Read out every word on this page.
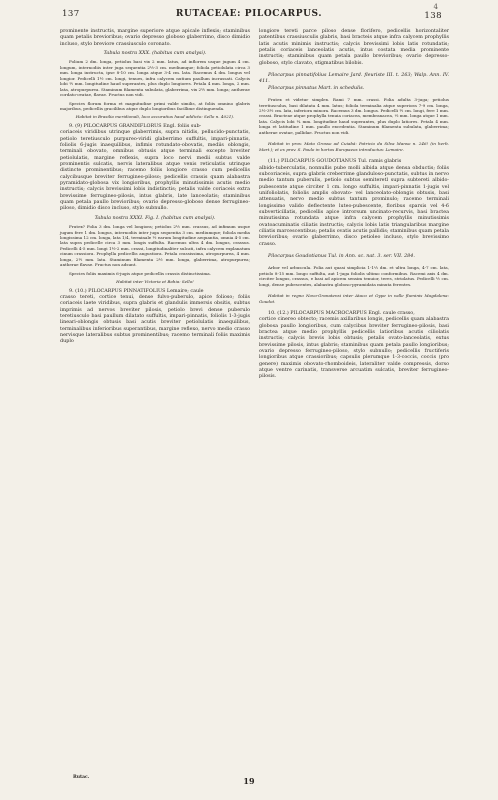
4
137	RUTACEAE: PILOCARPUS.	138

prominente instructis, margine superiore atque apicale inflexis; staminibus quam petalis brevioribus; ovario depresso globoso glaberrimo, disco dimidio incluso, stylo breviore crassiusculo coronato.

Tabula nostra XXX. (habitus cum analysi).

Folium 2 dm. longa, petiolus basi vix 2 mm. latus, ad inflorem usque jugum 4 cm. longum, internodiis inter juga sequentia 2½-3 cm. mediumque; foliola petiolulata circa 3 mm. longa instructa, ipse 8-10 cm. longa atque 3-4 cm. lata. Racemus 4 dm. longus vel longior. Pedicelli 1½ cm. longi, tenues, infra calycem nutium paullum incrassati. Calycis lobi ½ mm. longitudine haud superantes, plus duplo longiores. Petala 4 mm. longa, 2 mm. lata, atropurpurea. Staminum filamenta subulata, glaberrima, vix 2½ mm. longa; antherae cordato-ovatae, flavae. Fructus non vidi.

Species florum forma et magnitudine primi valde similis, at foliis omnino glabris majoribus, pedicellis gracilibus atque duplo longioribus facillime distinguenda.

Habitat in Brasilia meridionali, loco accuratius haud addicto: Sello n. 4021).

9. (9) PILOCARPUS GRANDIFLORUS Engl. foliis sub-

coriaceis viridibus utrinque glaberrimis, supra nitidis, pellucido-punctatis, petiolo teretiusculo purpureo-viridi glaberrimo suffultis, impari-pinnatis, foliolis 6-jugis inaequilibus, infimis rotundato-obovatis, mediis oblongis, terminali obovato, omnibus obtusis atque terminali excepto breviter petiolulatis, margine reflexis, supra loco nervi medii subtus valde prominentis sulcatis, nervis lateralibus atque venis reticulatis utrinque distincte prominentibus; racemo foliis longiore crasso cum pedicellis calycibusque breviter ferrugineo-piloso; pedicellis crassis quam alabastra pyramidato-globosa vix longioribus, prophyllis minutissimis acutis medio instructis; calycis brevissimi lobis indistinctis; petalis valde coriaceis extra brevissime ferrugineo-pilosis, intus glabris, late lanceolatis; staminibus quam petala paullo brevioribus; ovario depresso-globoso dense ferrugineo-piloso, dimidio disco incluso, stylo subnullo.

Tabula nostra XXXI. Fig. I. (habitus cum analysi).

Frutex? Folia 3 dm. longa vel longiora; petiolus 2½ mm. crassus, ad infimum usque jugum fere 1 dm. longus, internodiis inter juga sequentia 3 cm. mediumque; foliola media longissima 12 cm. longa, lata 1/4, terminale ½ earum longitudine aequantia, omnia 4-5 cm. lata supra pedicelle circa 3 mm. longis suffulta. Racemus ultra 4 dm. longus, crassus. Pedicelli 4-5 mm. longi 1½-2 mm. crassi, longitudinaliter sulcati, infra calycem explanatum cinum crassiora. Prophylla pedicellis angustiora. Petala crassissima, atropurpurea, 4 mm. longa, 2½ mm. lata. Staminum filamenta 2½ mm. longa, glaberrima, atropurpurea; antherae flavae. Fructus non adsunt.

Species foliis maximis 6-jugis atque pedicellis crassis distinctissima.

Habitat inter Victoria et Bahia: Sello!

9. (10.) PILOCARPUS PINNATIFOLIUS Lemaire; caule

crasso tereti, cortice tenui, dense fulvo-puberulo, apice folioso; foliis coriaceis laete viridibus, supra glabris et glandulis immersis obsitis, subtus imprimis ad nervos breviter pilosis, petiolo brevi dense puberulo teretiusculo basi paullum dilatato suffultis, impari-pinnatis, foliolis 1-3-jugis lineari-oblongis obtusis basi acutis breviter petiolulatis inaequilibus, terminalibus inferioribus superantibus, margine reflexo, nervo medio crasso nervisque lateralibus subtus prominentibus; racemo terminali foliis maximis duplo

longiore tereti parce piloso dense florifero, pedicellis horizontaliter patentibus crassiusculis glabris, basi bracteis atque infra calycem prophyllis latis acutis minimis instructis; calycis brevissimi lobis latis rotundatis; petalis coriaceis lanceolatis acutis, intus costata media prominente instructis; staminibus quam petala paullo brevioribus; ovario depresso-globoso, stylo clavato, stigmatibus bilobis.

Pilocarpus pinnatifolius Lemaire Jard. fleuriste III. t. 263; Walp. Ann. IV. 411.

Pilocarpus pinnatus Mart. in schedulis.

Frutex et videtur simplex. Rami 7 mm. crassi. Folia adulta 3-juga; petiolus teretiusculus, basi dilatata 4 mm. latus; foliola terminalia atque superiora 7-9 cm. longa, 2½-3½ cm. lata, inferiora minora. Racemus 3 dm. longus. Pedicelli ½ cm. longi, fere 1 mm. crassi. Bracteae atque prophylla tenuia coriacea, membranacea, ⅓ mm. longa atque 1 mm. lata. Calycis lobi ¼ mm. longitudine haud superantes, plus duplo latiores. Petala 4 mm. longa et latitudine 1 mm. paullo excedentia. Staminum filamenta subulata, glaberrima; antherae ovatae, pallidae. Fructus non vidi.

Habitat in prov. Mato Grosso ad Cuiabá: Patricio da Silva Manso n. 246! (in herb. Mart.); et ex prov. S. Paulo in hortos Europaeos introductus: Lemaire.

(11.) PILOCARPUS GOUDOTIANUS Tul. ramis glabris

albido-tuberculatis, nonnullis pube molli albida atque densa obductis; foliis subcoriaceis, supra glabris creberrime glanduloso-punctatis, subtus in nervo medio tantum puberulis, petiolo subtus semiteretl supra subtereti albido-pubescente atque circiter 1 cm. longo suffultis, impari-pinnatis 1-jugis vel unifoliolatis, foliolis amplis obovato- vel lanceolato-oblongis obtusis, basi attenuatis, nervo medio subtus tantum prominulo; racemo terminali longissimo valido deflectente luteo-pubescente, floribus sparsis vel 4-6 subverticillatis, pedicellis apice introrsum uncinato-recurvis, basi bractea minutissima rotundata atque infra calycem prophyllis minutissimis ovatoacuminatis ciliatis instructis; calycis lobis latis triangularibus margine ciliatis marcescentibus; petalis ovatis acutis pallidis; staminibus quam petala brevioribus; ovario glaberrimo, disco petioleo incluso, stylo brevissimo crasso.

Pilocarpus Goudotianus Tul. in Ann. sc. nat. 3. ser. VII. 284.

Arbor vel arbuscula. Folia aut quasi simplicia 1-1⅓ dm. et ultra longa, 4-7 cm. lata, petiolo 8-15 mm. longo suffulta, aut 1-juga foliolis ultimo conformibus. Racemi axis 4 dm. circiter longus, crassus, e basi ad apicem sensim tenuior, teres, striolatus. Pedicelli ½ cm. longi, dense pubescentes, alabastra globoso-pyramidata minuta ferentes.

Habitat in regno Novo-Granatensi inter Ataco et Oype in valle fluminis Magdalena: Goudot.

10. (12.) PILOCARPUS MACROCARPUS Engl. caule crasso,

cortice cinereo obtecto; racemis axillaribus longis, pedicellis quam alabastra globosa paullo longioribus, cum calycibus breviter ferrugineo-pilosis, basi bractea atque medio prophyllis pedicellis latioribus acutis ciliolatis instructis; calycis brevis lobis obtusis; petalis ovato-lanceolatis, extus brevissime pilosis, intus glabris; staminibus quam petala paullo longioribus; ovario depresso ferrugineo-piloso, stylo subnullo; pedicellis fructiferis longioribus atque crassioribus; capsulis plerumque 1-3-coccis, coccis (pro genere) maximis obovato-rhomboideis, lateraliter valde compressis, dorso atque ventre carinatis, transverse arcuatim sulcatis, breviter ferrugineo-pilosis.

Rutac.	19
